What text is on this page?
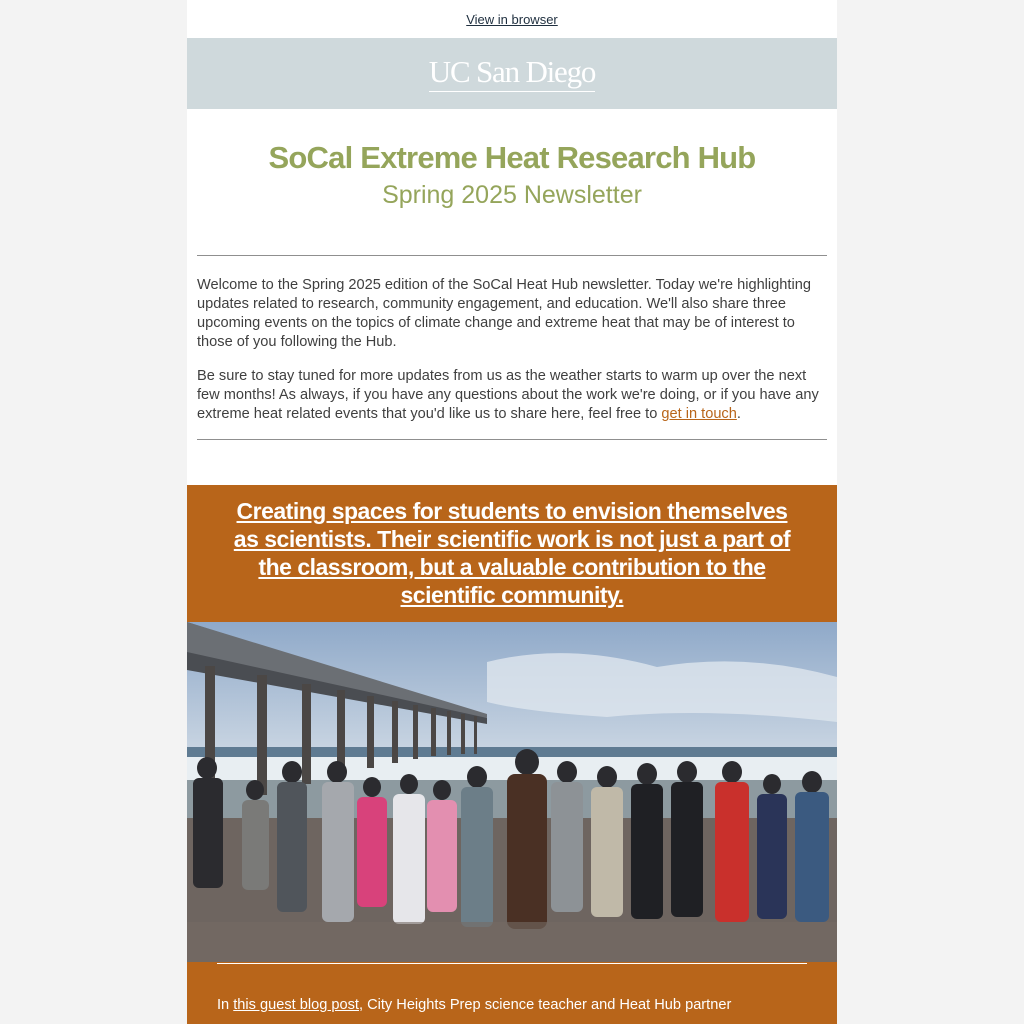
View in browser
UC San Diego
SoCal Extreme Heat Research Hub
Spring 2025 Newsletter

Welcome to the Spring 2025 edition of the SoCal Heat Hub newsletter. Today we're highlighting updates related to research, community engagement, and education. We'll also share three upcoming events on the topics of climate change and extreme heat that may be of interest to those of you following the Hub.

Be sure to stay tuned for more updates from us as the weather starts to warm up over the next few months! As always, if you have any questions about the work we're doing, or if you have any extreme heat related events that you'd like us to share here, feel free to get in touch.

Creating spaces for students to envision themselves as scientists. Their scientific work is not just a part of the classroom, but a valuable contribution to the scientific community.
In this guest blog post, City Heights Prep science teacher and Heat Hub partner
